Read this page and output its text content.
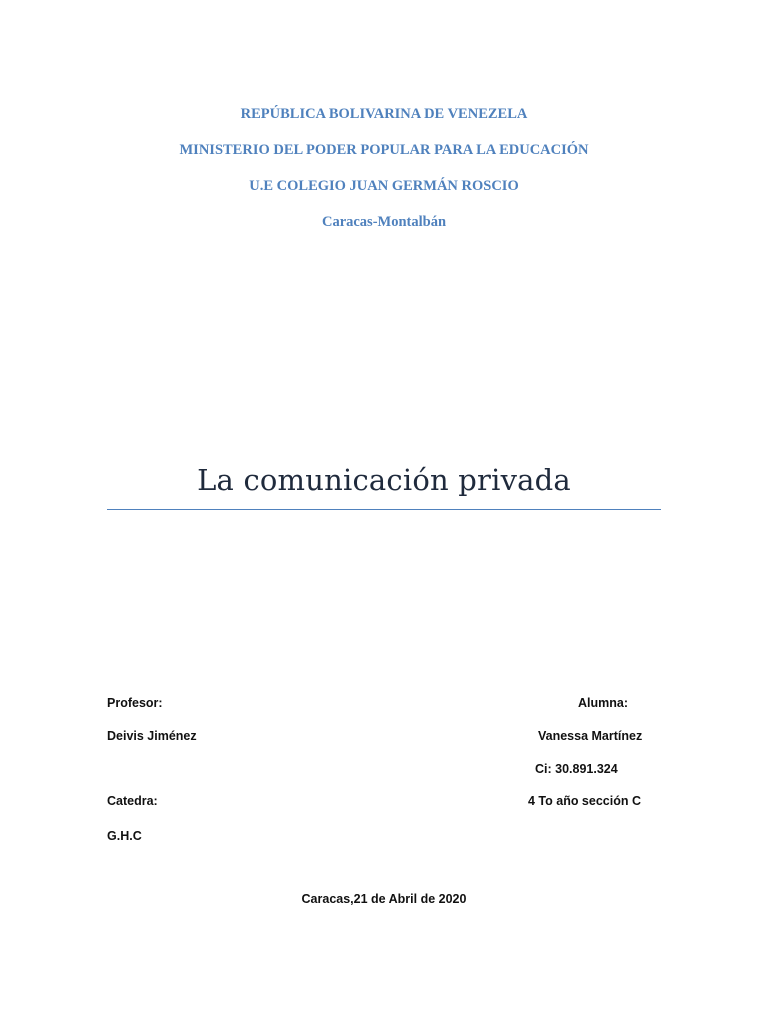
REPÚBLICA BOLIVARINA DE VENEZELA
MINISTERIO DEL PODER POPULAR PARA LA EDUCACIÓN
U.E COLEGIO JUAN GERMÁN ROSCIO
Caracas-Montalbán
La comunicación privada
Profesor:
Deivis Jiménez
Catedra:
G.H.C
Alumna:
Vanessa Martínez
Ci: 30.891.324
4 To año sección C
Caracas,21 de Abril de 2020
